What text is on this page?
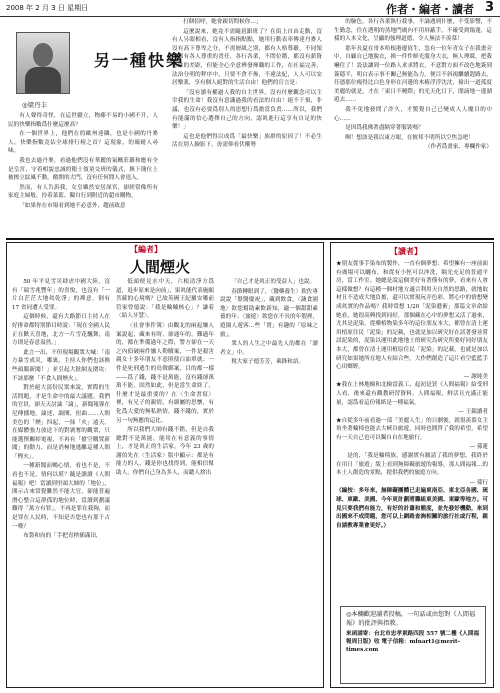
2008 年 2 月 3 日 星期日	作者・編者・讀者 3
另一種快樂
◎梁丹丰

有人聲得奇怪，在這世疆立，物藤不易的小國不升，人民的快樂指數爲什麼這麼高？

在一個世界上，他們在的歐州達隣，也是小國的丹麥人，快樂指數竟佔全球排行榜之首？這現象，的確耐人尋味。

我也去過丹麥，看過他們沒有華麗的氣概莊嚴和應有全是皇宮，守着相貌忠誠的衛士領童交班的儀式，換下簡位上被擦立紋風不動，敞開的大門，沒有任何閒人會退入。

然而，有人告訴我，女皇雖然安居深宮，卻經常像所有家庭主婦般，拎着菜籃，獨自行到附近的超市購物。

「如果你在市場看到她不必意外，趨前致意

打個招呼，她會親切問候你…」

這麼說來，她竟不需隨扈跟班了？在街上自由走動，沒有人另眼相看，沒有人指指點點，她用行動表率傳達丹麥人沒有高下尊卑之分，不需層級之別，都有人格尊嚴，不同領域都有各人尊重的責任，各行各業，不問位階，都沒有薪資懸殊的差距，但能全心全意辨發揮職的工作，在社福完善，法治分明的秤序中，只要不貪不佈，不違法紀，人人可以安居樂業，享有個人絕對的生活自由！他們的宣言是：

「沒有讀有權過人我的自主世界，沒有付麼觀念可以主宰我的生命！我沒有意識過我的看法的自由！絕不干預，非議，也沒有必要爲別人的思想行爲擔當負責……所以，我們有能滿的信心選擇自己的方向，認眞進行這享有自足的快樂！」

這也是他們得以成爲「最快樂」族群的原因了！不必生活在別人臉影下，毋需仰看伏權勢

的臉色，各行各業執行我事，不論遇到什麼，不受影響，不生勤念，住在透明的蒸地門廣內不用屏蔽手，不確受到傷蓬，這樣的人本文化，呈顯的強理道德，令人無法不羨慕！

那年長夏在哥本哈根港邊寫生，忽有一位年青女子在我畫旁中，自顧自已地脫衣，換一件件鮮光服身大衣，無人理睬，把我嚇住了！設法讓到一位路人求求將衣，不意對方面不改色地簽到簽隱半，明白表示事不關己無能為力，便目不斜視繼續趕路去，任憑那位瘦得比白色身形在河邊的木椿浮浮沈沈，撞出一道孤度美麗的就是，才在「東日不曉際」的光天化日下，閒滴地一邊湖遊去……

我不免地發問了許久，才驚覺自己已變成人人魔目的中心……

是因爲我佛著盡隔穿著服裝嗎？

啊！想該是我以東方眼，在彼邦不明所以空焦急吧！

（作者爲畫家、專欄作家）

【編者】
人間煙火

50 年平見雪災肆虐中國大陸，沒有「瑞雪兆豐年」的喜悅，也沒有「一片白茫茫大地眞乾淨」的禪意，倒有 17 省同遭人受罪。

這個時候，還有大路節日主持人在好排命都特別節目時說：「現在全國人民正在歡天喜地，北方一片雪花飄舞，南方則是春意盎然。」

此言一出，不但現場觀衆大喊：「南方暴雪成災，哪裏，主持人你們也該換些頭腦新聞！」並引起大批網友圍攻：不該那麼「不食人間煙火」。

對於絕大部份民衆來說，實際的生活問題，才是生命中的最大議題。我們的官員，卻天天討論「論」，新聞報導在尼傳播地，論述，調閱，扭曲……人間美色的「煙」四起，一抹「火」遠天。在媒體強力放送下的對剝奪的觀衆，只能選擇關掉電視，不再有「搶空購置新聞」的動力，而是消極地逃離這種人間「煙火」。

一種新聞而暢心情，看也不是，不看也不是，情何以堪？隨是讀讀《人間福報》吧！當讀到里頭大師的「地位」，開示古來常覺難然不能大官，卻能普遍潛心整合這群孤的地位時，當讀到劃議難得「萬方有罪」，不再是罪在我夠，而是罪在人民時，不知是否您也有那千古一嘆？

布袋和尙的「手把青秧插滿田，

低頭便見水中天，六根清淨方爲道，退步原來是向前」，果眞能代表施願菩薩的心境嗎？已故英國王紀羅安哪前管家曾憶說：「我是輪輪核心」？謙着〈給人牙慧〉。

〈社會事件簿〉由觀北的兩起嫌人案說起，藏來有時，卻通年的，難過年的，都在準備過年之際，警方卻在一天之內偵破兩件嫌人勒贖案，一件是殺害親女十多年朋友不惡照使白油單就；一件是死刑逃生的鳥徵綁案，目的都一樣——爲了錢，錢不是萬能，沒有錢卻萬萬不能，固然如此，但是當生命終了，什麼才是最重要的？在〈生命書寫〉裡，有兄子的親情，有細屬的思懷，有化爲大愛的無私熟情，錢不錢的，實於另一句無應的這比。

所以我們大師有錢不錯，但是自我總對不是萬能，能用在有意義的事情上，才是眞正的生活家，今年 23 歲的謝伯先在〈生活家〉版中顯示：都是有能力的人，錢是你也找得到，能相信幫助人，你們自己身為多人，而聽人捨出

「自己才是眞正的受益人」也說。

春節轉眼到了，〈醫藥養生〉欽佐專說說「盤醫慶祝」，藏到飲食，〈蔬食園地〉欽您幫助素飲新知，適一個甜甜素養的年；〈旅遊〉欽您在不長的年假裡，遊園人遊客…些「賣」有趣的「原味之旅」。

衆人的人生之中最先人的都在「讀者文」中。

稅大家子德芳芳，乘鋒和語。

【讀者】

★朋友從事手染布的製作，一直有個夢想：希望擁有一座前面有廣場可以曬布，和從有小徑可以沖洗，隔光充足的普通平房，當工作室。她總是說這個美好有著僅有的夢，看來有人會這樣做想？有這種一個村地方適合利用天自然的思路，就地取材且不造成大地負擔，還可以實現玩弄色彩，將心中的情想變成眞實的作品嗎？我時常想 1/20「泥染藝術」那篇文章命給她看，她很高興找到同好，那個藏在心中的夢想又活了過來，尤其是泥染，從藥植物染多年的這位朋友本大，都曾在清土運用植原住民「泥染」的記載，也就是加以研究好在試著發並嘗試泥染的，泥染以運用此地地土的研究為研究所要好同好朋友本大，都曾在清土運用植原住民「泥染」的記載，也就是加以研究如果她所在地人有結合些，大作們創造了這片看空藍藍手心田鄉野。

— 謝純美

★我在土林地檢和北檢當義工，起初是買《人間福報》給受刑人看，後來還有觀教研習資料，人間福報，鮮活且充滿正能量，認爲看這份報紙是一種福氣。

— 王銀讀者

★自從多年前看過一部「美麗人生」的日劇後，就很羨慕女主角坐著輪椅也能去大峽谷旅遊，同時也開啓了我的希望，希望有一天自己也可以獨自自在地旅行。

— 孫蓮

是的，「我是輪椅族，感謝實有願請了我的夢想，我終於在用日「旅遊」版上看到無障礙旅遊的報導，那人間福報…的本土人創造的景點，提供我們的旅遊方向。

— 孫行

（編按：多年來，無障礙團體已走遍東南亞、東北亞各國、琉球、東歐、美國、今年更計劃將籌組東美國、東歐等地方。可見只要我們有能力，有好的計畫和態度，並先發好機動，來到出國來不成問題，您可以上網路查詢相關的旅行社或行程，親自請教專業會更好。）

◎本欄歡迎讀者投稿，一句話或由您對《人間福報》的批評與指教。
來函請寄：台北市忠孝東路四段 557 號二樓《人間福報周日版》收 電子信箱：mfnart1@merit-times.com
